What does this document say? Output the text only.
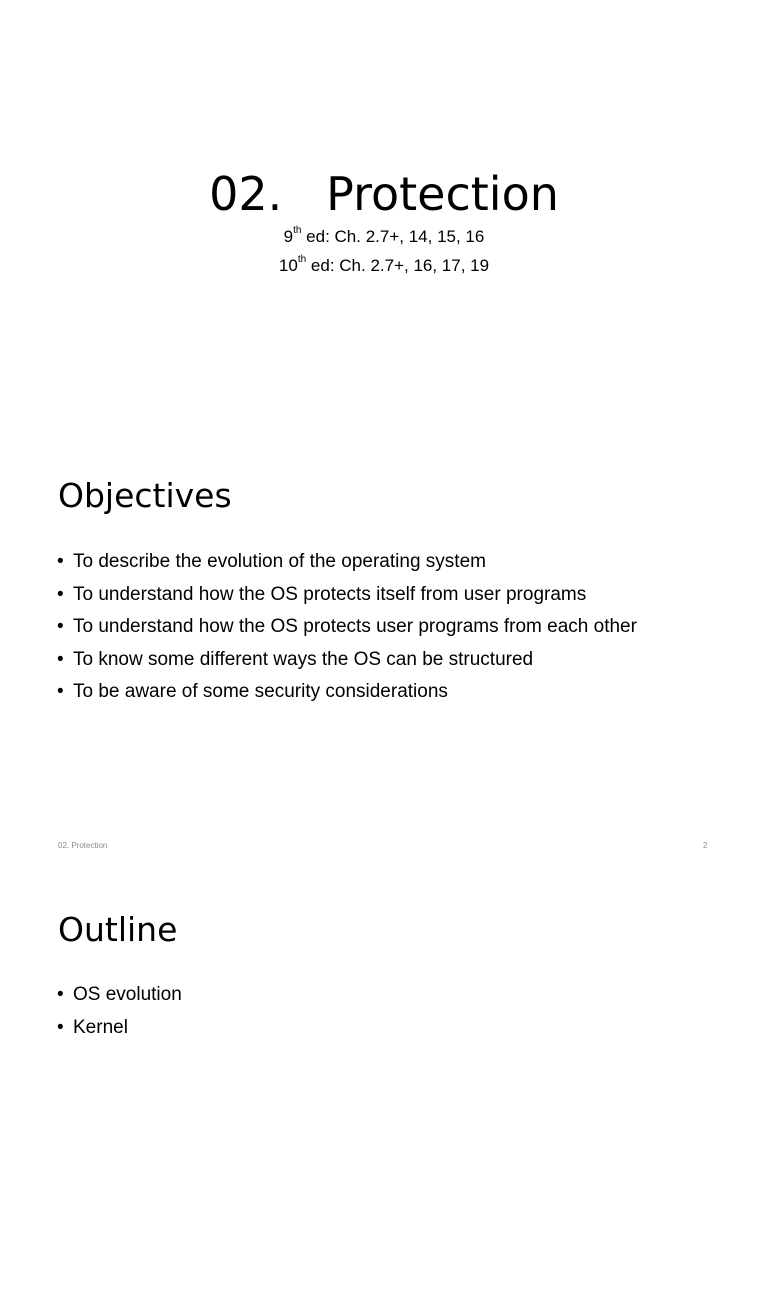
02.   Protection
9th ed: Ch. 2.7+, 14, 15, 16
10th ed: Ch. 2.7+, 16, 17, 19
Objectives
• To describe the evolution of the operating system
• To understand how the OS protects itself from user programs
• To understand how the OS protects user programs from each other
• To know some different ways the OS can be structured
• To be aware of some security considerations
02. Protection	2
Outline
• OS evolution
• Kernel
